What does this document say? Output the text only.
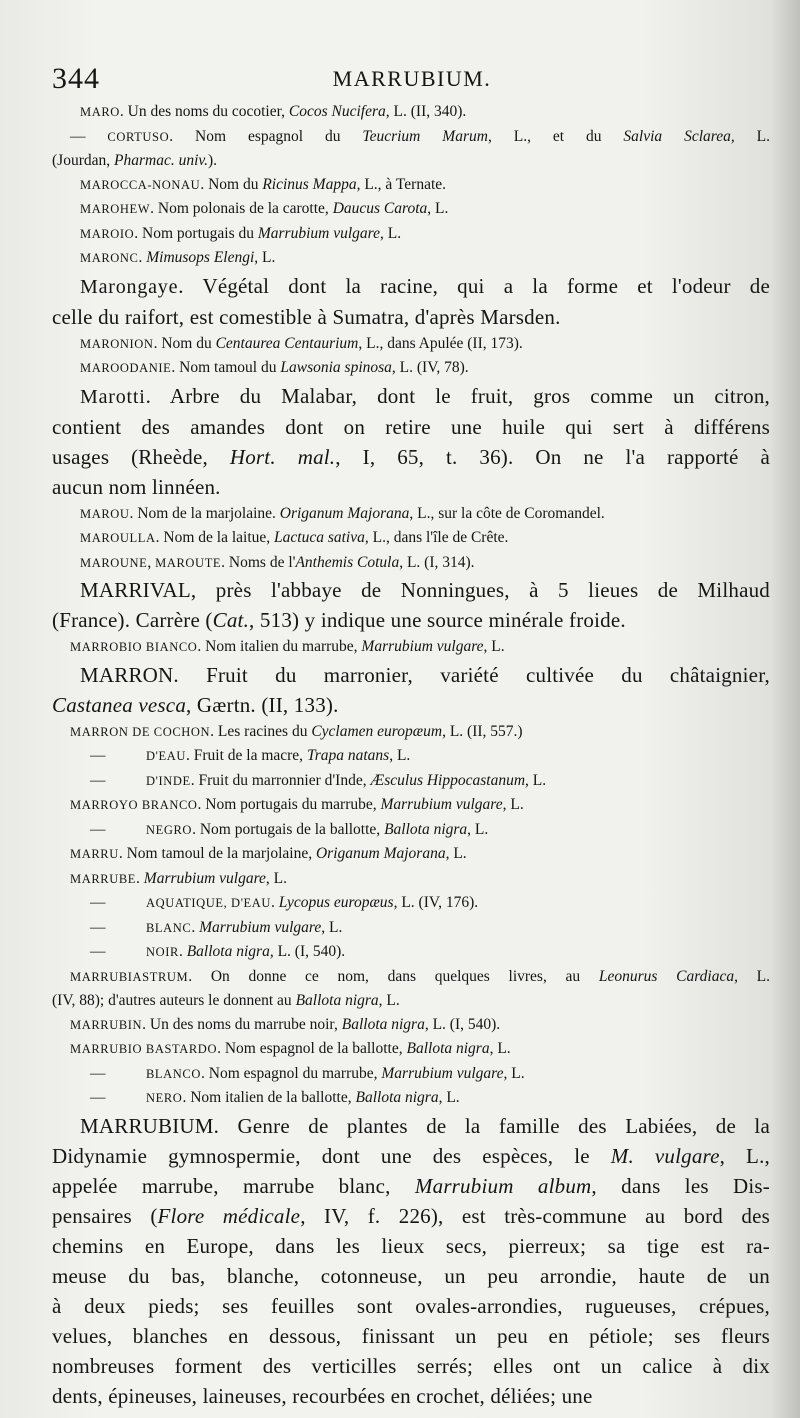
344	MARRUBIUM.
MARO. Un des noms du cocotier, Cocos Nucifera, L. (II, 340).
— CORTUSO. Nom espagnol du Teucrium Marum, L., et du Salvia Sclarea, L.
(Jourdan, Pharmac. univ.).
MAROCCA-NONAU. Nom du Ricinus Mappa, L., à Ternate.
MAROHEW. Nom polonais de la carotte, Daucus Carota, L.
MAROIO. Nom portugais du Marrubium vulgare, L.
MARONC. Mimusops Elengi, L.
Marongaye. Végétal dont la racine, qui a la forme et l'odeur de
celle du raifort, est comestible à Sumatra, d'après Marsden.
MARONION. Nom du Centaurea Centaurium, L., dans Apulée (II, 173).
MAROODANIE. Nom tamoul du Lawsonia spinosa, L. (IV, 78).
Marotti. Arbre du Malabar, dont le fruit, gros comme un citron,
contient des amandes dont on retire une huile qui sert à différens
usages (Rheède, Hort. mal., I, 65, t. 36). On ne l'a rapporté à
aucun nom linnéen.
MAROU. Nom de la marjolaine. Origanum Majorana, L., sur la côte de Coromandel.
MAROULLA. Nom de la laitue, Lactuca sativa, L., dans l'île de Crête.
MAROUNE, MAROUTE. Noms de l'Anthemis Cotula, L. (I, 314).
MARRIVAL, près l'abbaye de Nonningues, à 5 lieues de Milhaud
(France). Carrère (Cat., 513) y indique une source minérale froide.
MARROBIO BIANCO. Nom italien du marrube, Marrubium vulgare, L.
MARRON. Fruit du marronier, variété cultivée du châtaignier,
Castanea vesca, Gærtn. (II, 133).
MARRON DE COCHON. Les racines du Cyclamen europæum, L. (II, 557.)
—	D'EAU. Fruit de la macre, Trapa natans, L.
—	D'INDE. Fruit du marronnier d'Inde, Æsculus Hippocastanum, L.
MARROYO BRANCO. Nom portugais du marrube, Marrubium vulgare, L.
—	NEGRO. Nom portugais de la ballotte, Ballota nigra, L.
MARRU. Nom tamoul de la marjolaine, Origanum Majorana, L.
MARRUBE. Marrubium vulgare, L.
—	AQUATIQUE, D'EAU. Lycopus europæus, L. (IV, 176).
—	BLANC. Marrubium vulgare, L.
—	NOIR. Ballota nigra, L. (I, 540).
MARRUBIASTRUM. On donne ce nom, dans quelques livres, au Leonurus Cardiaca, L.
(IV, 88); d'autres auteurs le donnent au Ballota nigra, L.
MARRUBIN. Un des noms du marrube noir, Ballota nigra, L. (I, 540).
MARRUBIO BASTARDO. Nom espagnol de la ballotte, Ballota nigra, L.
—	BLANCO. Nom espagnol du marrube, Marrubium vulgare, L.
—	NERO. Nom italien de la ballotte, Ballota nigra, L.
MARRUBIUM. Genre de plantes de la famille des Labiées, de la
Didynamie gymnospermie, dont une des espèces, le M. vulgare, L.,
appelée marrube, marrube blanc, Marrubium album, dans les Dis-
pensaires (Flore médicale, IV, f. 226), est très-commune au bord des
chemins en Europe, dans les lieux secs, pierreux; sa tige est ra-
meuse du bas, blanche, cotonneuse, un peu arrondie, haute de un
à deux pieds; ses feuilles sont ovales-arrondies, rugueuses, crépues,
velues, blanches en dessous, finissant un peu en pétiole; ses fleurs
nombreuses forment des verticilles serrés; elles ont un calice à dix
dents, épineuses, laineuses, recourbées en crochet, déliées; une
